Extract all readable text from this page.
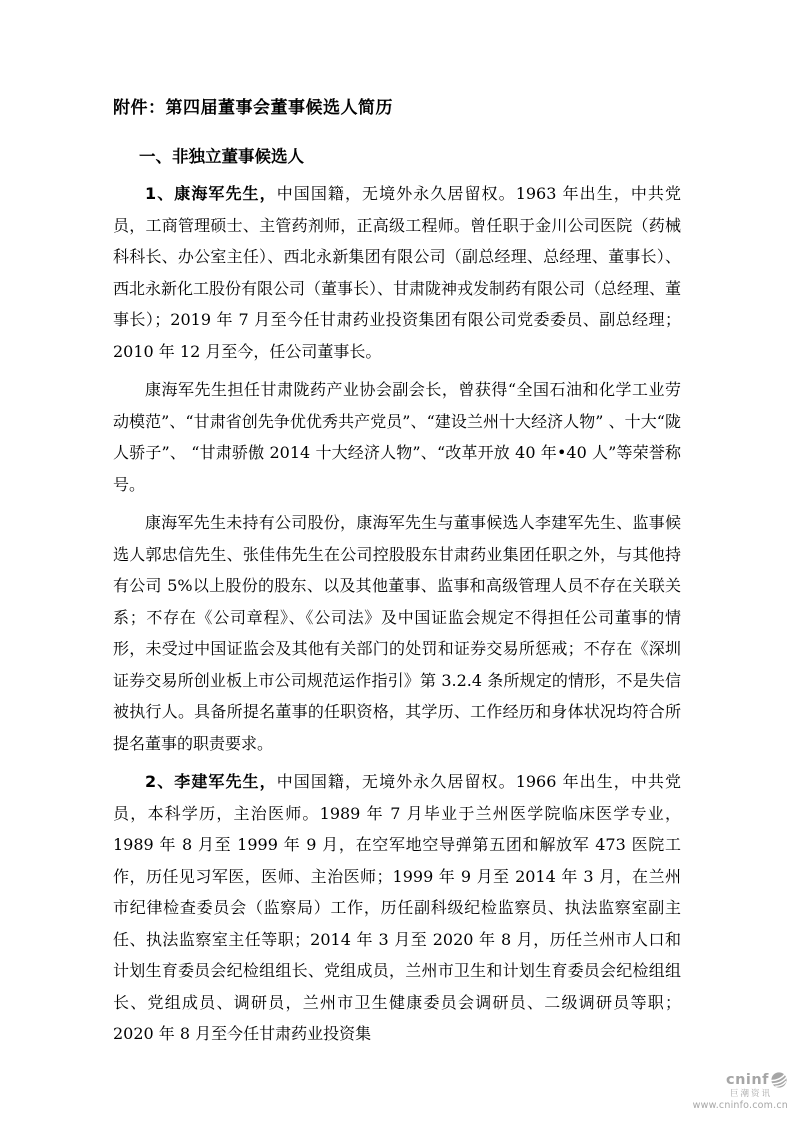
附件：第四届董事会董事候选人简历
一、非独立董事候选人

1、康海军先生，中国国籍，无境外永久居留权。1963 年出生，中共党员，工商管理硕士、主管药剂师，正高级工程师。曾任职于金川公司医院（药械科科长、办公室主任）、西北永新集团有限公司（副总经理、总经理、董事长）、西北永新化工股份有限公司（董事长）、甘肃陇神戎发制药有限公司（总经理、董事长）；2019 年 7 月至今任甘肃药业投资集团有限公司党委委员、副总经理；2010 年 12 月至今，任公司董事长。

康海军先生担任甘肃陇药产业协会副会长，曾获得“全国石油和化学工业劳动模范”、“甘肃省创先争优优秀共产党员”、“建设兰州十大经济人物” 、十大“陇人骄子”、 “甘肃骄傲 2014 十大经济人物”、“改革开放 40 年•40 人”等荣誉称号。

康海军先生未持有公司股份，康海军先生与董事候选人李建军先生、监事候选人郭忠信先生、张佳伟先生在公司控股股东甘肃药业集团任职之外，与其他持有公司 5%以上股份的股东、以及其他董事、监事和高级管理人员不存在关联关系；不存在《公司章程》、《公司法》及中国证监会规定不得担任公司董事的情形，未受过中国证监会及其他有关部门的处罚和证券交易所惩戒；不存在《深圳证券交易所创业板上市公司规范运作指引》第 3.2.4 条所规定的情形，不是失信被执行人。具备所提名董事的任职资格，其学历、工作经历和身体状况均符合所提名董事的职责要求。

2、李建军先生，中国国籍，无境外永久居留权。1966 年出生，中共党员，本科学历，主治医师。1989 年 7 月毕业于兰州医学院临床医学专业，1989 年 8 月至 1999 年 9 月，在空军地空导弹第五团和解放军 473 医院工作，历任见习军医，医师、主治医师；1999 年 9 月至 2014 年 3 月，在兰州市纪律检查委员会（监察局）工作，历任副科级纪检监察员、执法监察室副主任、执法监察室主任等职；2014 年 3 月至 2020 年 8 月，历任兰州市人口和计划生育委员会纪检组组长、党组成员，兰州市卫生和计划生育委员会纪检组组长、党组成员、调研员，兰州市卫生健康委员会调研员、二级调研员等职；2020 年 8 月至今任甘肃药业投资集

cninf
巨潮资讯
www.cninfo.com.cn
